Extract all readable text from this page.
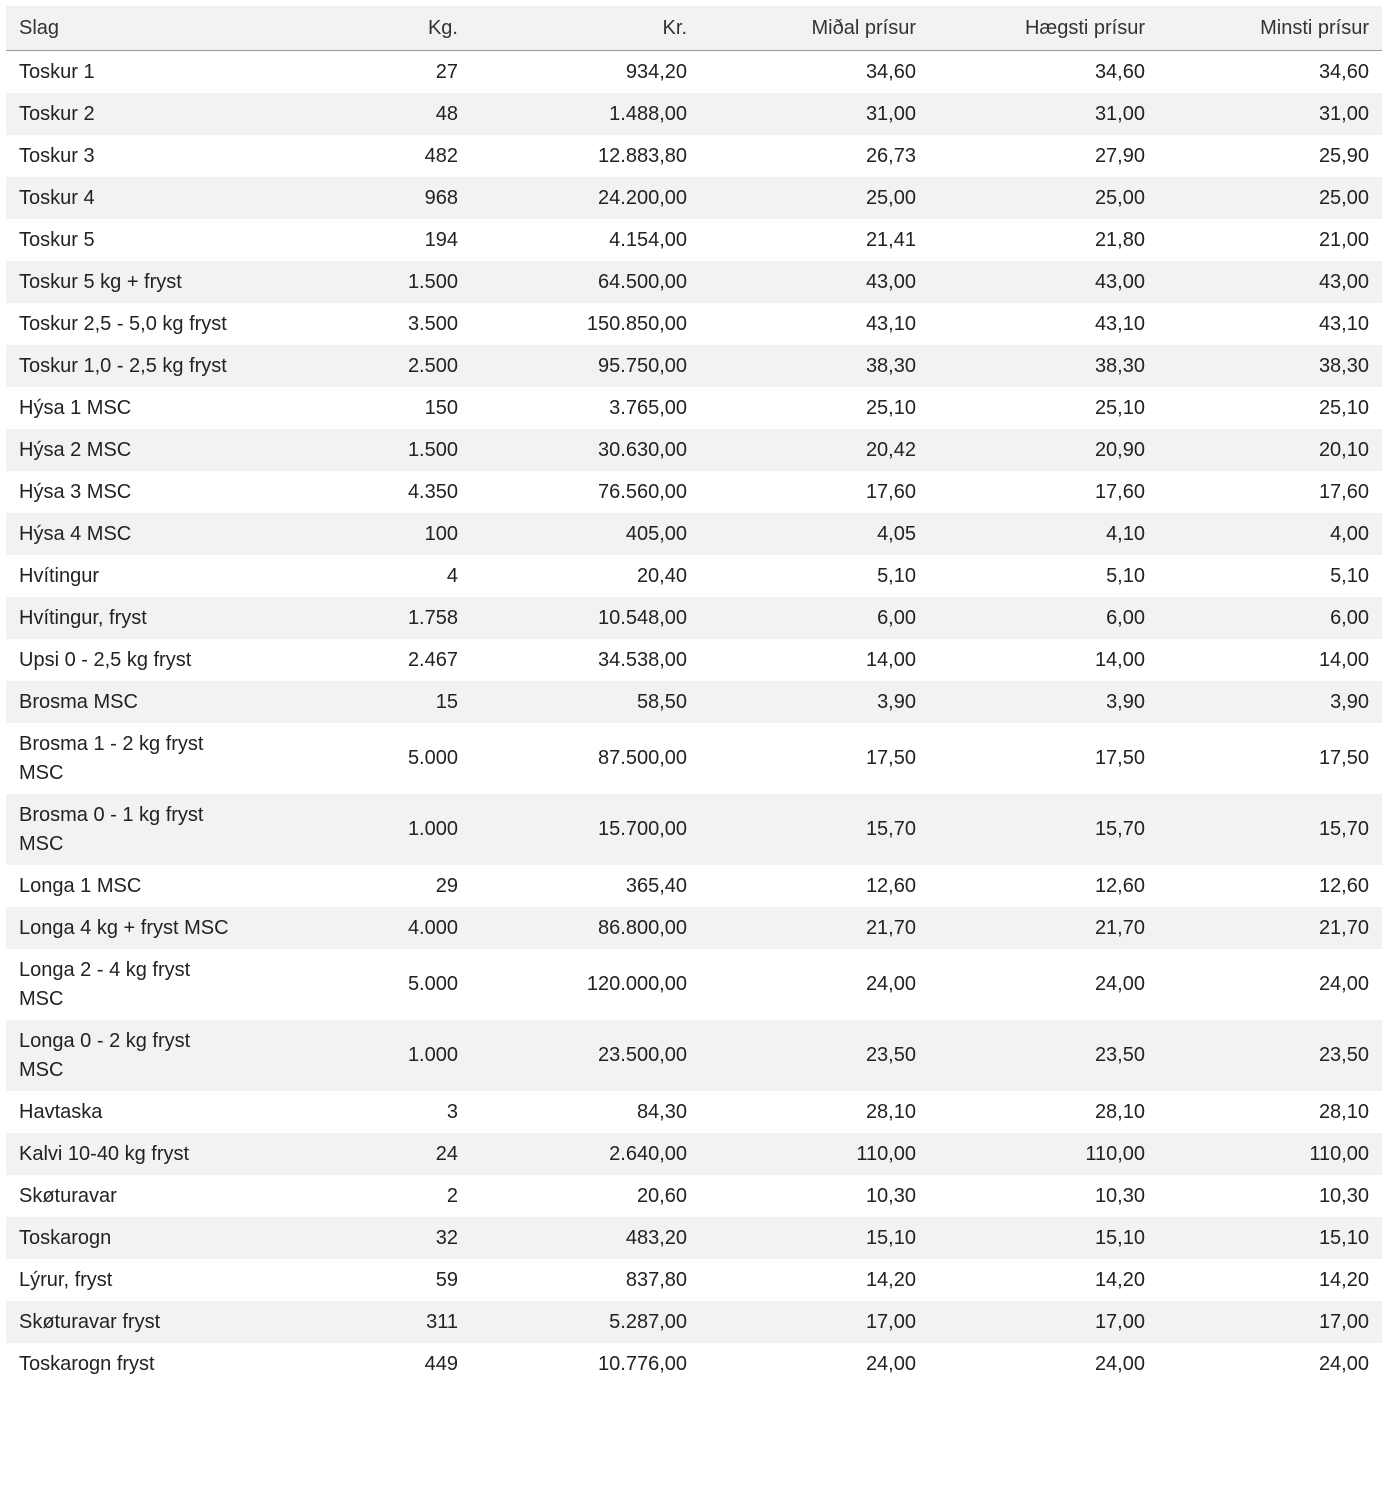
Slag	Kg.	Kr.	Miðal prísur	Hægsti prísur	Minsti prísur
Toskur 1	27	934,20	34,60	34,60	34,60
Toskur 2	48	1.488,00	31,00	31,00	31,00
Toskur 3	482	12.883,80	26,73	27,90	25,90
Toskur 4	968	24.200,00	25,00	25,00	25,00
Toskur 5	194	4.154,00	21,41	21,80	21,00
Toskur 5 kg + fryst	1.500	64.500,00	43,00	43,00	43,00
Toskur 2,5 - 5,0 kg fryst	3.500	150.850,00	43,10	43,10	43,10
Toskur 1,0 - 2,5 kg fryst	2.500	95.750,00	38,30	38,30	38,30
Hýsa 1 MSC	150	3.765,00	25,10	25,10	25,10
Hýsa 2 MSC	1.500	30.630,00	20,42	20,90	20,10
Hýsa 3 MSC	4.350	76.560,00	17,60	17,60	17,60
Hýsa 4 MSC	100	405,00	4,05	4,10	4,00
Hvítingur	4	20,40	5,10	5,10	5,10
Hvítingur, fryst	1.758	10.548,00	6,00	6,00	6,00
Upsi 0 - 2,5 kg fryst	2.467	34.538,00	14,00	14,00	14,00
Brosma MSC	15	58,50	3,90	3,90	3,90
Brosma 1 - 2 kg fryst MSC	5.000	87.500,00	17,50	17,50	17,50
Brosma 0 - 1 kg fryst MSC	1.000	15.700,00	15,70	15,70	15,70
Longa 1 MSC	29	365,40	12,60	12,60	12,60
Longa 4 kg + fryst MSC	4.000	86.800,00	21,70	21,70	21,70
Longa 2 - 4 kg fryst MSC	5.000	120.000,00	24,00	24,00	24,00
Longa 0 - 2 kg fryst MSC	1.000	23.500,00	23,50	23,50	23,50
Havtaska	3	84,30	28,10	28,10	28,10
Kalvi 10-40 kg fryst	24	2.640,00	110,00	110,00	110,00
Skøturavar	2	20,60	10,30	10,30	10,30
Toskarogn	32	483,20	15,10	15,10	15,10
Lýrur, fryst	59	837,80	14,20	14,20	14,20
Skøturavar fryst	311	5.287,00	17,00	17,00	17,00
Toskarogn fryst	449	10.776,00	24,00	24,00	24,00
